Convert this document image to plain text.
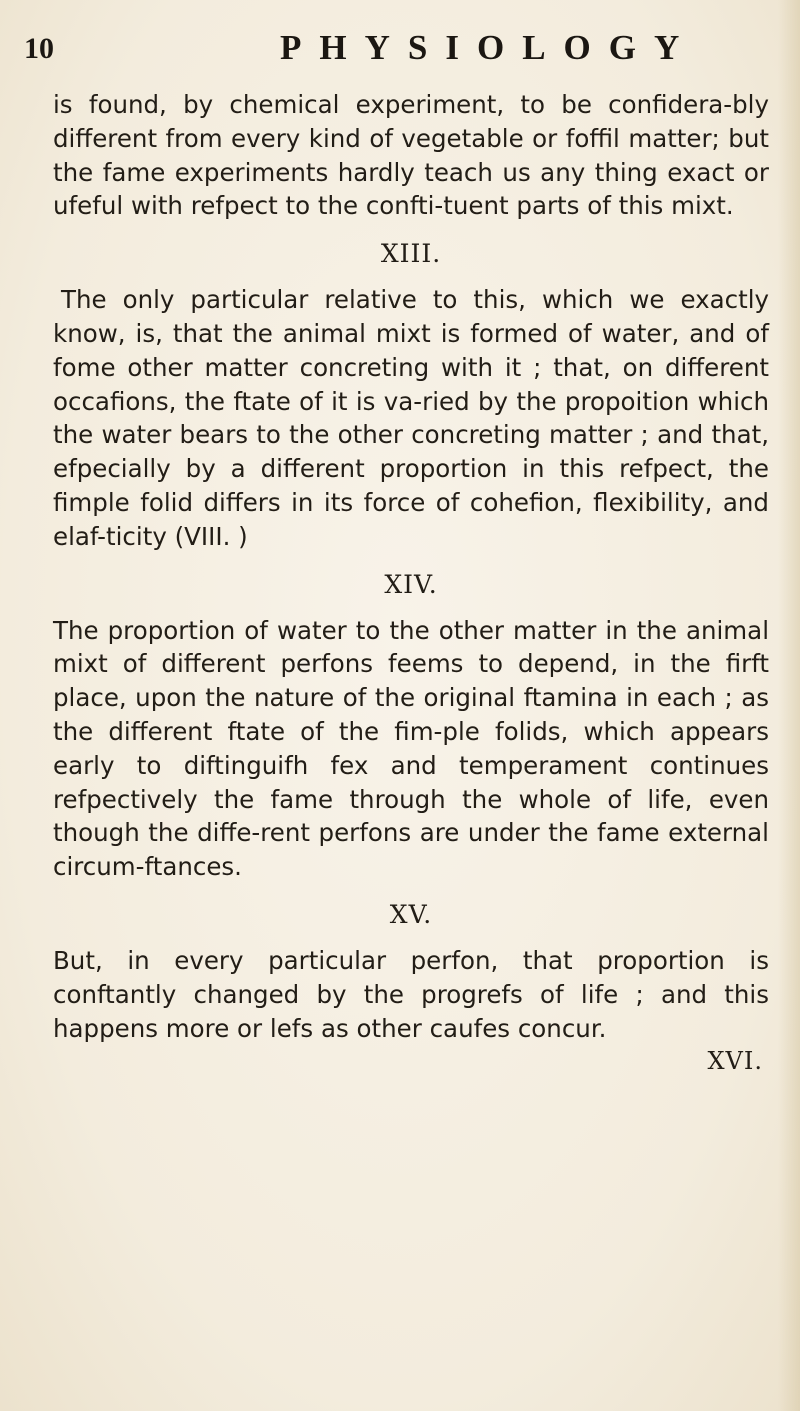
10	PHYSIOLOGY

is found, by chemical experiment, to be confidera-bly different from every kind of vegetable or foffil matter; but the fame experiments hardly teach us any thing exact or ufeful with refpect to the confti-tuent parts of this mixt.

XIII.

The only particular relative to this, which we exactly know, is, that the animal mixt is formed of water, and of fome other matter concreting with it ; that, on different occafions, the ftate of it is va-ried by the propoition which the water bears to the other concreting matter ; and that, efpecially by a different proportion in this refpect, the fimple folid differs in its force of cohefion, flexibility, and elaf-ticity (VIII. )

XIV.

The proportion of water to the other matter in the animal mixt of different perfons feems to depend, in the firft place, upon the nature of the original ftamina in each ; as the different ftate of the fim-ple folids, which appears early to diftinguifh fex and temperament continues refpectively the fame through the whole of life, even though the diffe-rent perfons are under the fame external circum-ftances.

XV.

But, in every particular perfon, that proportion is conftantly changed by the progrefs of life ; and this happens more or lefs as other caufes concur.

XVI.
